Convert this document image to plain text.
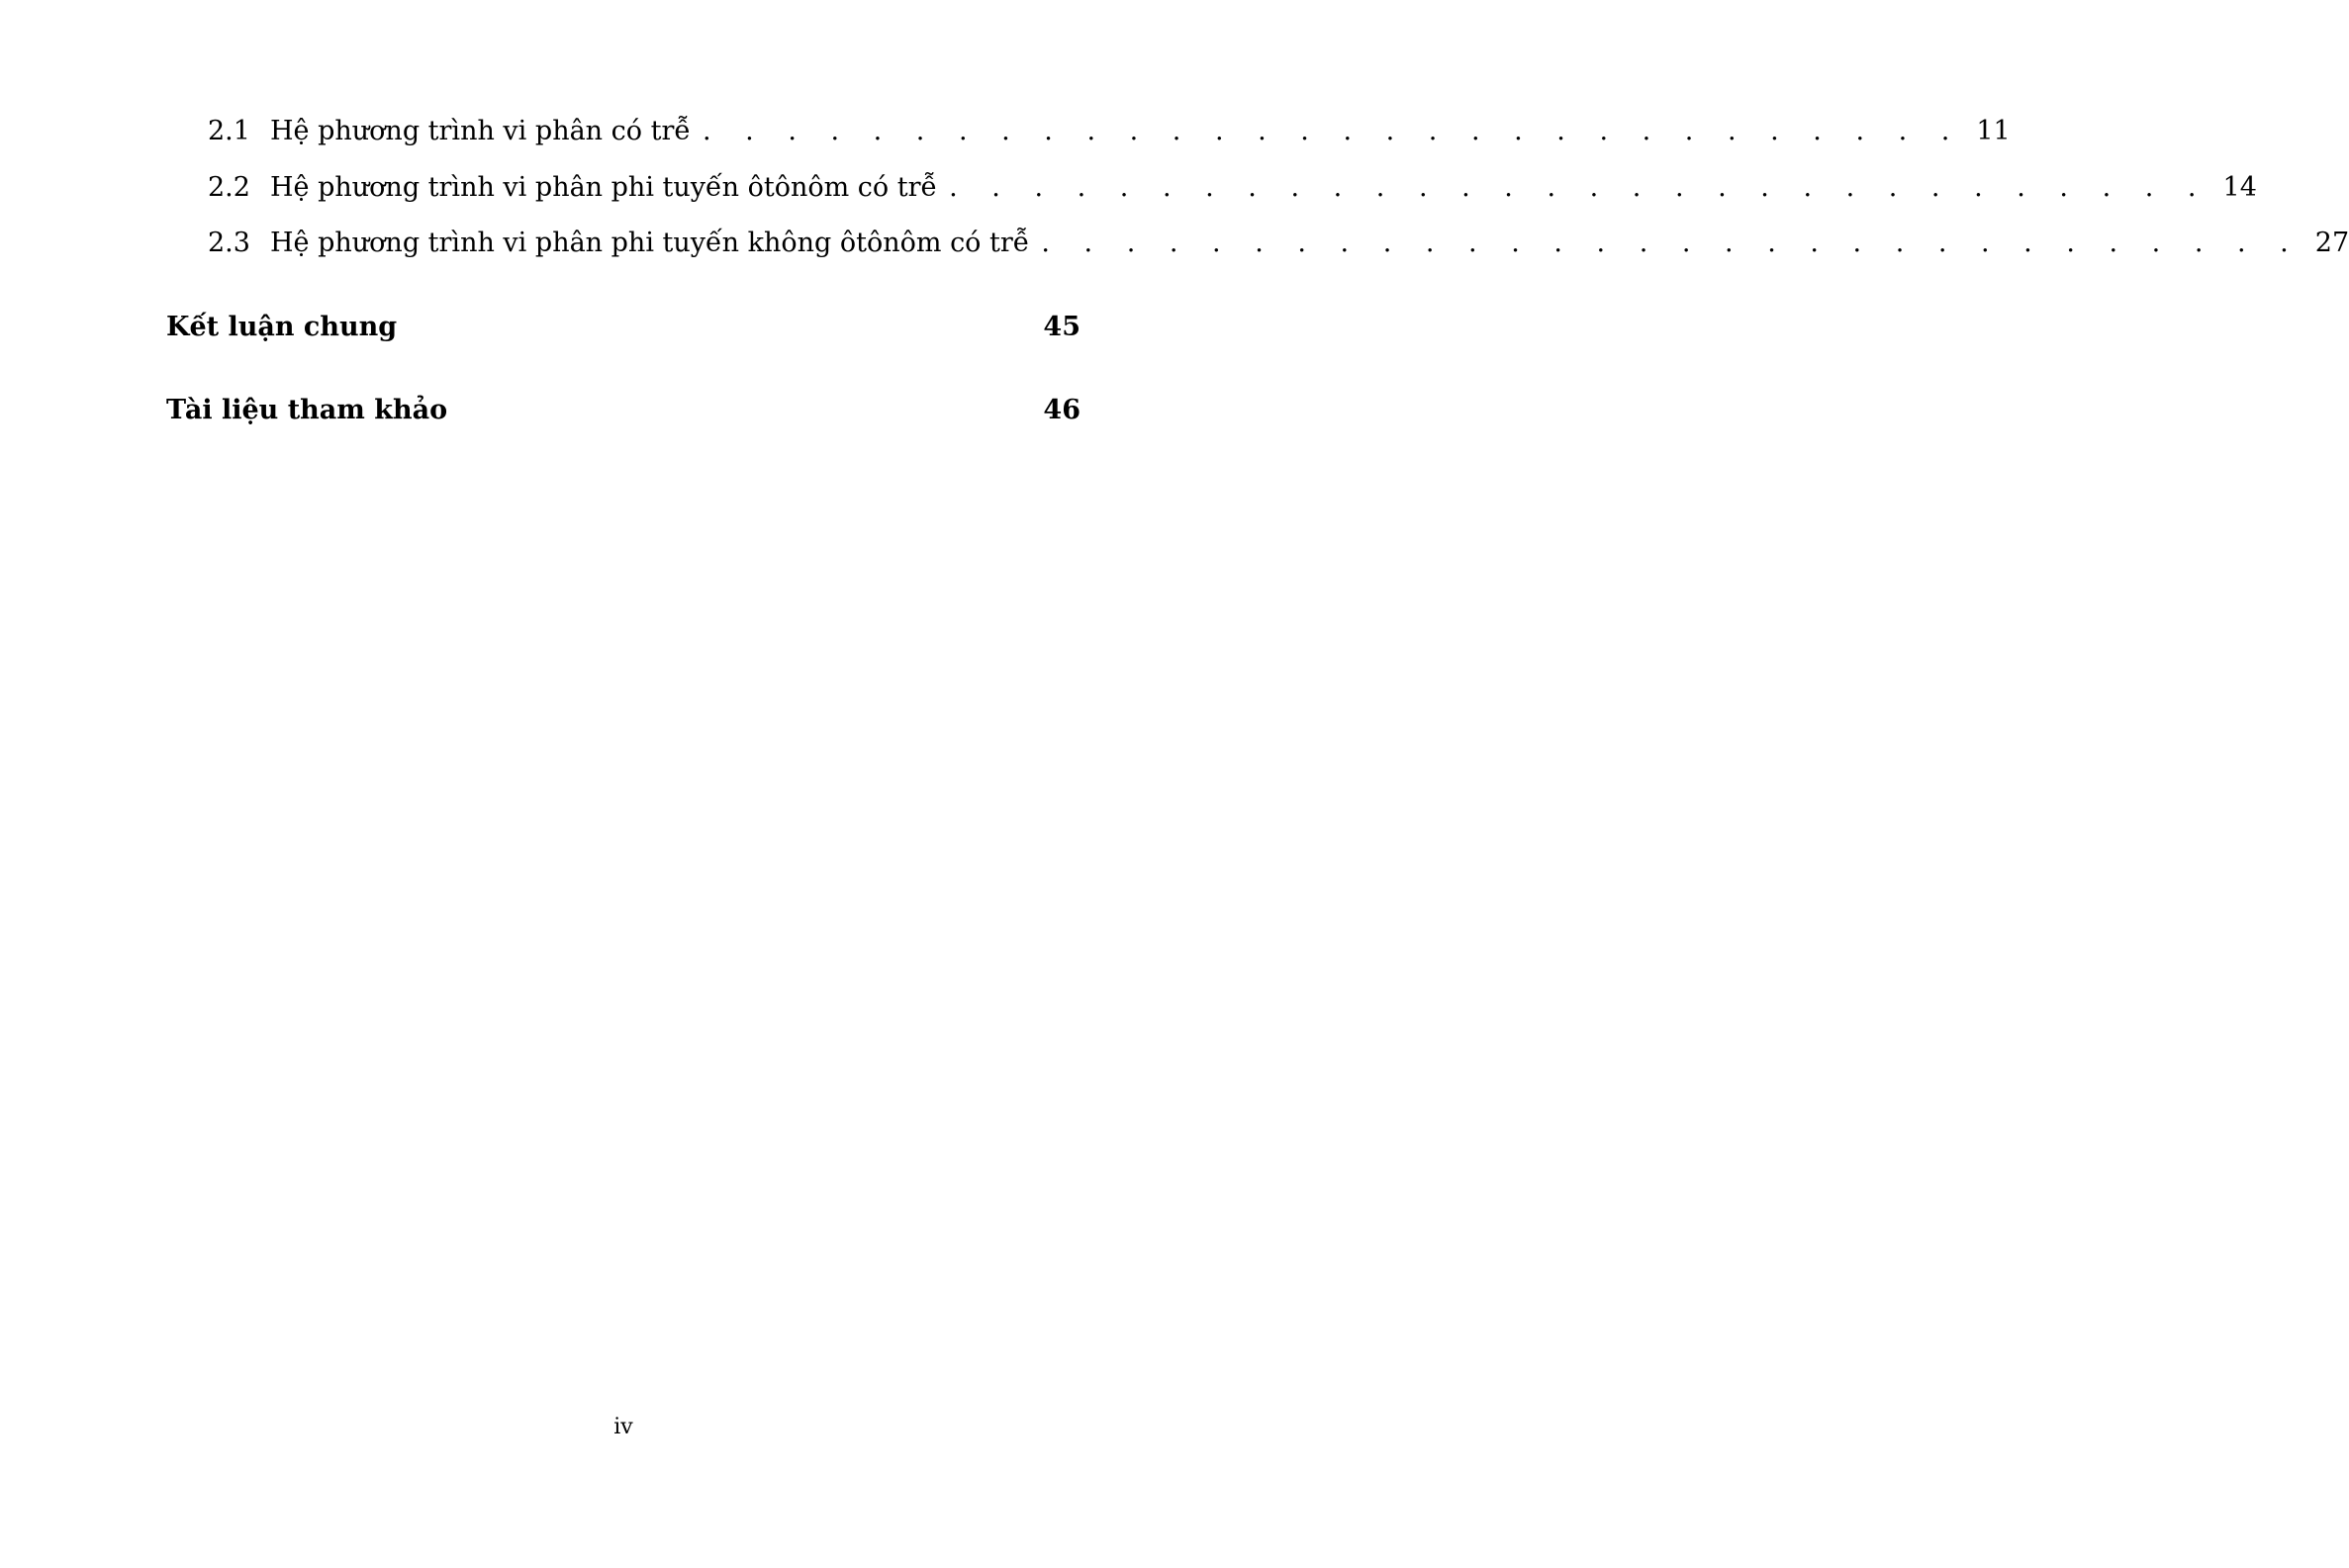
2.1 Hệ phương trình vi phân có trễ . . . . . . . . . . . . . . . . . . . . . . . . . . . . . . 11
2.2 Hệ phương trình vi phân phi tuyến ôtônôm có trễ . . . . . . . . . . . . . . . . . . . . . . . . . . . . . . 14
2.3 Hệ phương trình vi phân phi tuyến không ôtônôm có trễ . . . . . . . . . . . . . . . . . . . . . . . . . . . . . . 27
Kết luận chung	45
Tài liệu tham khảo	46
iv
